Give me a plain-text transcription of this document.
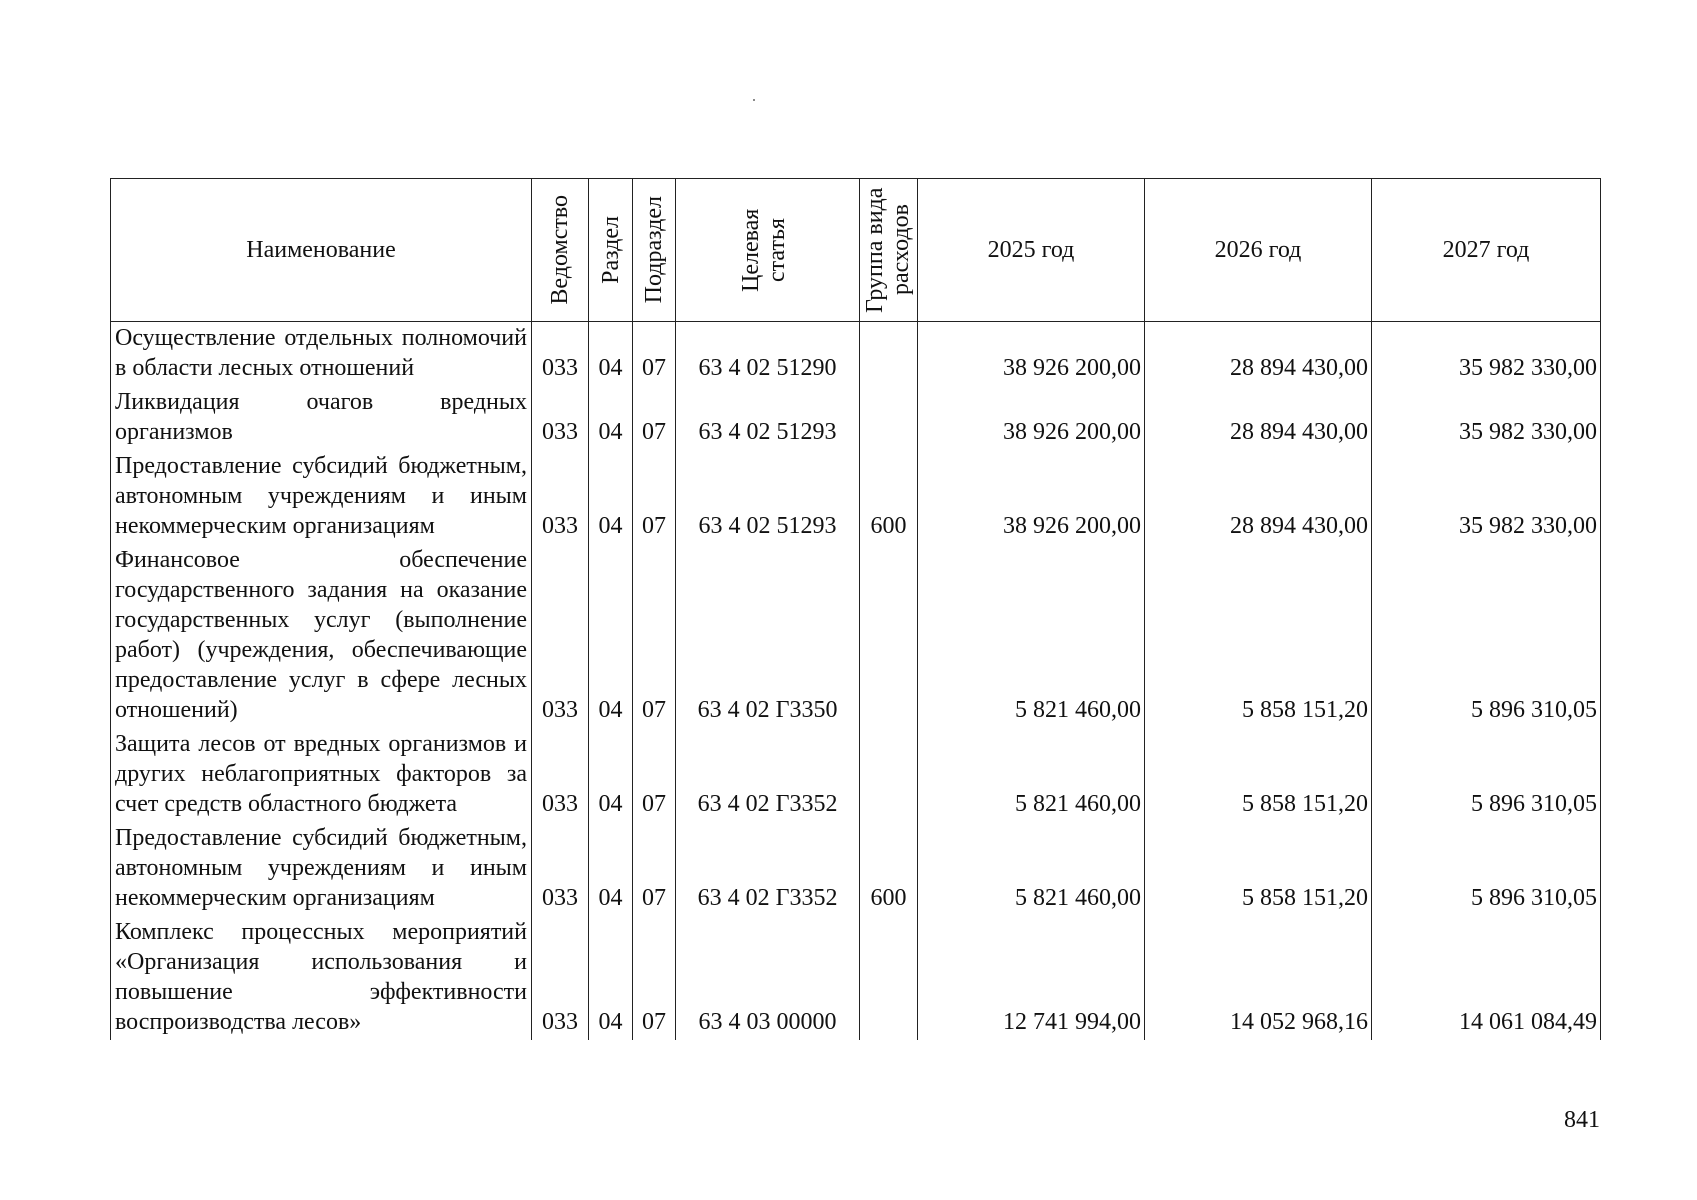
Наименование	Ведомство	Раздел	Подраздел	Целевая статья	Группа вида расходов	2025 год	2026 год	2027 год
Осуществление отдельных полномочий в области лесных отношений	033	04	07	63 4 02 51290		38 926 200,00	28 894 430,00	35 982 330,00
Ликвидация очагов вредных организмов	033	04	07	63 4 02 51293		38 926 200,00	28 894 430,00	35 982 330,00
Предоставление субсидий бюджетным, автономным учреждениям и иным некоммерческим организациям	033	04	07	63 4 02 51293	600	38 926 200,00	28 894 430,00	35 982 330,00
Финансовое обеспечение государственного задания на оказание государственных услуг (выполнение работ) (учреждения, обеспечивающие предоставление услуг в сфере лесных отношений)	033	04	07	63 4 02 Г3350		5 821 460,00	5 858 151,20	5 896 310,05
Защита лесов от вредных организмов и других неблагоприятных факторов за счет средств областного бюджета	033	04	07	63 4 02 Г3352		5 821 460,00	5 858 151,20	5 896 310,05
Предоставление субсидий бюджетным, автономным учреждениям и иным некоммерческим организациям	033	04	07	63 4 02 Г3352	600	5 821 460,00	5 858 151,20	5 896 310,05
Комплекс процессных мероприятий «Организация использования и повышение эффективности воспроизводства лесов»	033	04	07	63 4 03 00000		12 741 994,00	14 052 968,16	14 061 084,49
841
